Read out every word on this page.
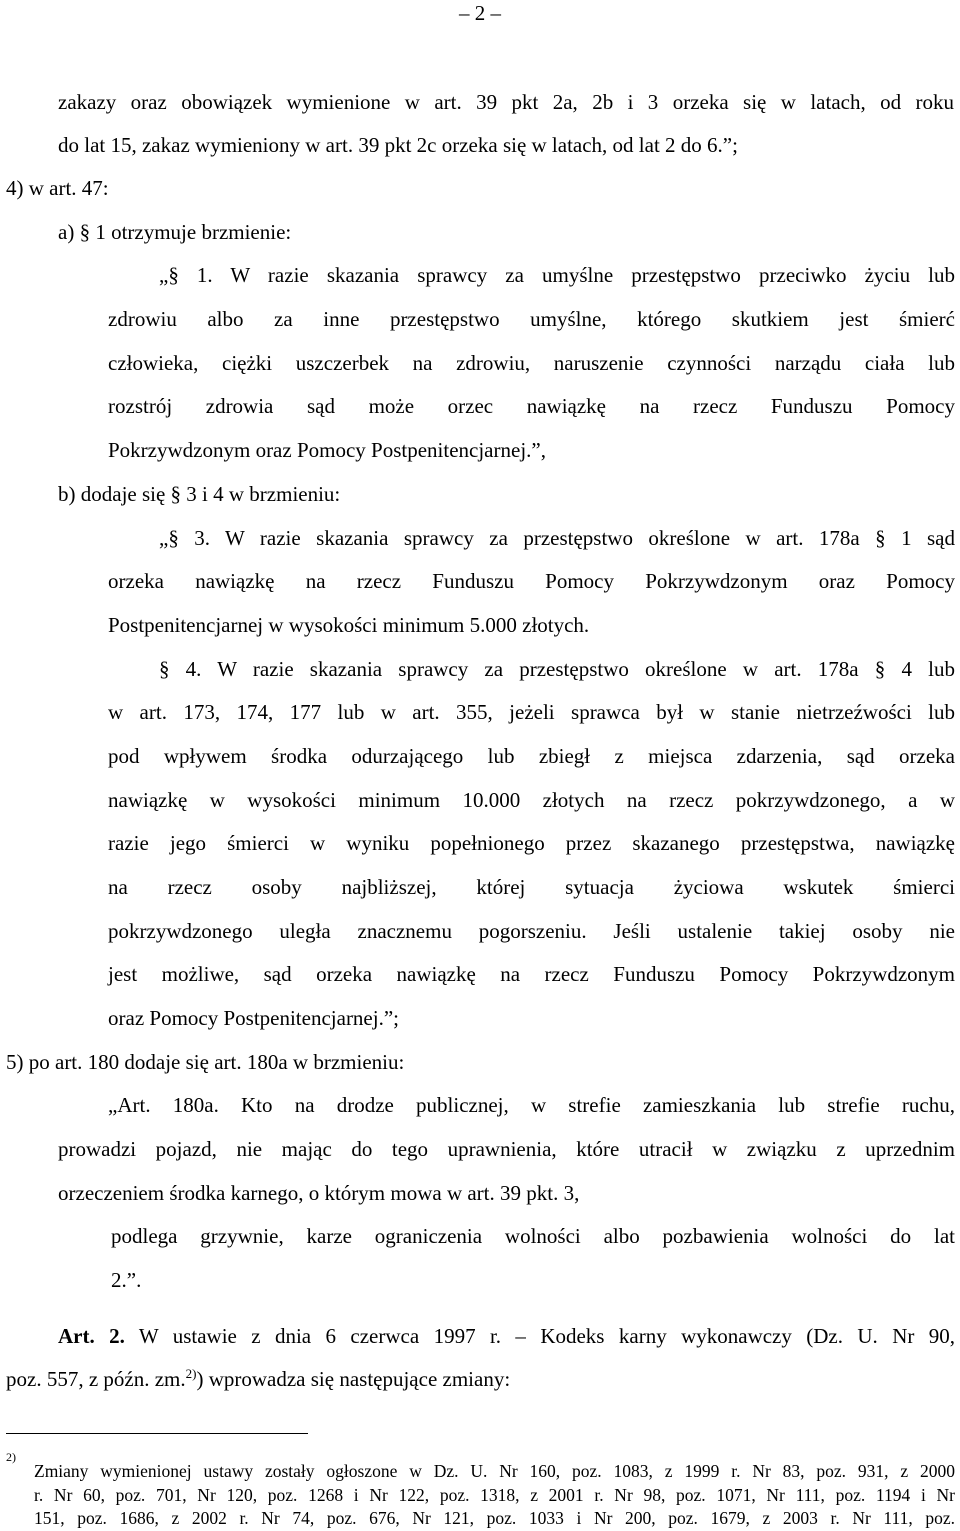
– 2 –
zakazy oraz obowiązek wymienione w art. 39 pkt 2a, 2b i 3 orzeka się w latach, od roku
do lat 15, zakaz wymieniony w art. 39 pkt 2c orzeka się w latach, od lat 2 do 6.”;
4) w art. 47:
a) § 1 otrzymuje brzmienie:
„§ 1. W razie skazania sprawcy za umyślne przestępstwo przeciwko życiu lub
zdrowiu albo za inne przestępstwo umyślne, którego skutkiem jest śmierć
człowieka, ciężki uszczerbek na zdrowiu, naruszenie czynności narządu ciała lub
rozstrój zdrowia sąd może orzec nawiązkę na rzecz Funduszu Pomocy
Pokrzywdzonym oraz Pomocy Postpenitencjarnej.”,
b) dodaje się § 3 i 4 w brzmieniu:
„§ 3. W razie skazania sprawcy za przestępstwo określone w art. 178a § 1 sąd
orzeka nawiązkę na rzecz Funduszu Pomocy Pokrzywdzonym oraz Pomocy
Postpenitencjarnej w wysokości minimum 5.000 złotych.
§ 4. W razie skazania sprawcy za przestępstwo określone w art. 178a § 4 lub
w art. 173, 174, 177 lub w art. 355, jeżeli sprawca był w stanie nietrzeźwości lub
pod wpływem środka odurzającego lub zbiegł z miejsca zdarzenia, sąd orzeka
nawiązkę w wysokości minimum 10.000 złotych na rzecz pokrzywdzonego, a w
razie jego śmierci w wyniku popełnionego przez skazanego przestępstwa, nawiązkę
na rzecz osoby najbliższej, której sytuacja życiowa wskutek śmierci
pokrzywdzonego uległa znacznemu pogorszeniu. Jeśli ustalenie takiej osoby nie
jest możliwe, sąd orzeka nawiązkę na rzecz Funduszu Pomocy Pokrzywdzonym
oraz Pomocy Postpenitencjarnej.”;
5) po art. 180 dodaje się art. 180a w brzmieniu:
„Art. 180a. Kto na drodze publicznej, w strefie zamieszkania lub strefie ruchu,
prowadzi pojazd, nie mając do tego uprawnienia, które utracił w związku z uprzednim
orzeczeniem środka karnego, o którym mowa w art. 39 pkt. 3,
podlega grzywnie, karze ograniczenia wolności albo pozbawienia wolności do lat
2.”.
Art. 2. W ustawie z dnia 6 czerwca 1997 r. – Kodeks karny wykonawczy (Dz. U. Nr 90,
poz. 557, z późn. zm.$^{2)}$) wprowadza się następujące zmiany:
2)
Zmiany wymienionej ustawy zostały ogłoszone w Dz. U. Nr 160, poz. 1083, z 1999 r. Nr 83, poz. 931, z 2000
r. Nr 60, poz. 701, Nr 120, poz. 1268 i Nr 122, poz. 1318, z 2001 r. Nr 98, poz. 1071, Nr 111, poz. 1194 i Nr
151, poz. 1686, z 2002 r. Nr 74, poz. 676, Nr 121, poz. 1033 i Nr 200, poz. 1679, z 2003 r. Nr 111, poz.
